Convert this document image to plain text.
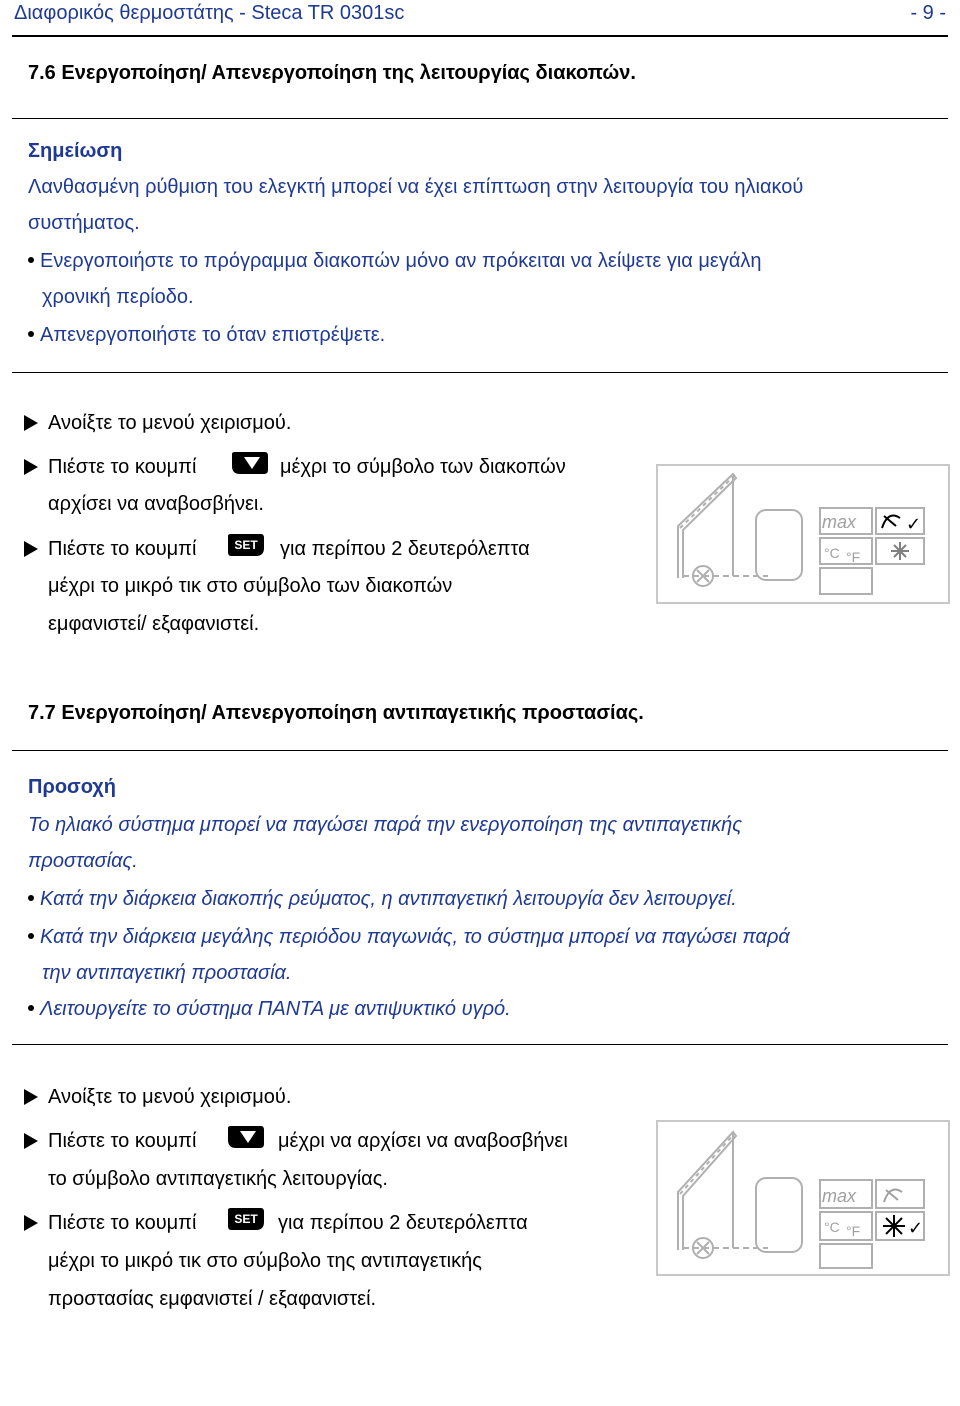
Διαφορικός θερμοστάτης - Steca TR 0301sc	- 9 -
7.6 Ενεργοποίηση/ Απενεργοποίηση της λειτουργίας διακοπών.
Σημείωση
Λανθασμένη ρύθμιση του ελεγκτή μπορεί να έχει επίπτωση στην λειτουργία του ηλιακού
συστήματος.
Ενεργοποιήστε το πρόγραμμα διακοπών μόνο αν πρόκειται να λείψετε για μεγάλη
χρονική περίοδο.
Απενεργοποιήστε το όταν επιστρέψετε.
Ανοίξτε το μενού χειρισμού.
Πιέστε το κουμπί	μέχρι το σύμβολο των διακοπών
αρχίσει να αναβοσβήνει.
Πιέστε το κουμπί	SET για περίπου 2 δευτερόλεπτα
μέχρι το μικρό τικ στο σύμβολο των διακοπών
εμφανιστεί/ εξαφανιστεί.
max
°C °F
✓
7.7 Ενεργοποίηση/ Απενεργοποίηση αντιπαγετικής προστασίας.
Προσοχή
Το ηλιακό σύστημα μπορεί να παγώσει παρά την ενεργοποίηση της αντιπαγετικής
προστασίας.
Κατά την διάρκεια διακοπής ρεύματος, η αντιπαγετική λειτουργία δεν λειτουργεί.
Κατά την διάρκεια μεγάλης περιόδου παγωνιάς, το σύστημα μπορεί να παγώσει παρά
την αντιπαγετική προστασία.
Λειτουργείτε το σύστημα ΠΑΝΤΑ με αντιψυκτικό υγρό.
Ανοίξτε το μενού χειρισμού.
Πιέστε το κουμπί	μέχρι να αρχίσει να αναβοσβήνει
το σύμβολο αντιπαγετικής λειτουργίας.
Πιέστε το κουμπί	SET για περίπου 2 δευτερόλεπτα
μέχρι το μικρό τικ στο σύμβολο της αντιπαγετικής
προστασίας εμφανιστεί / εξαφανιστεί.
max
°C °F	✓
